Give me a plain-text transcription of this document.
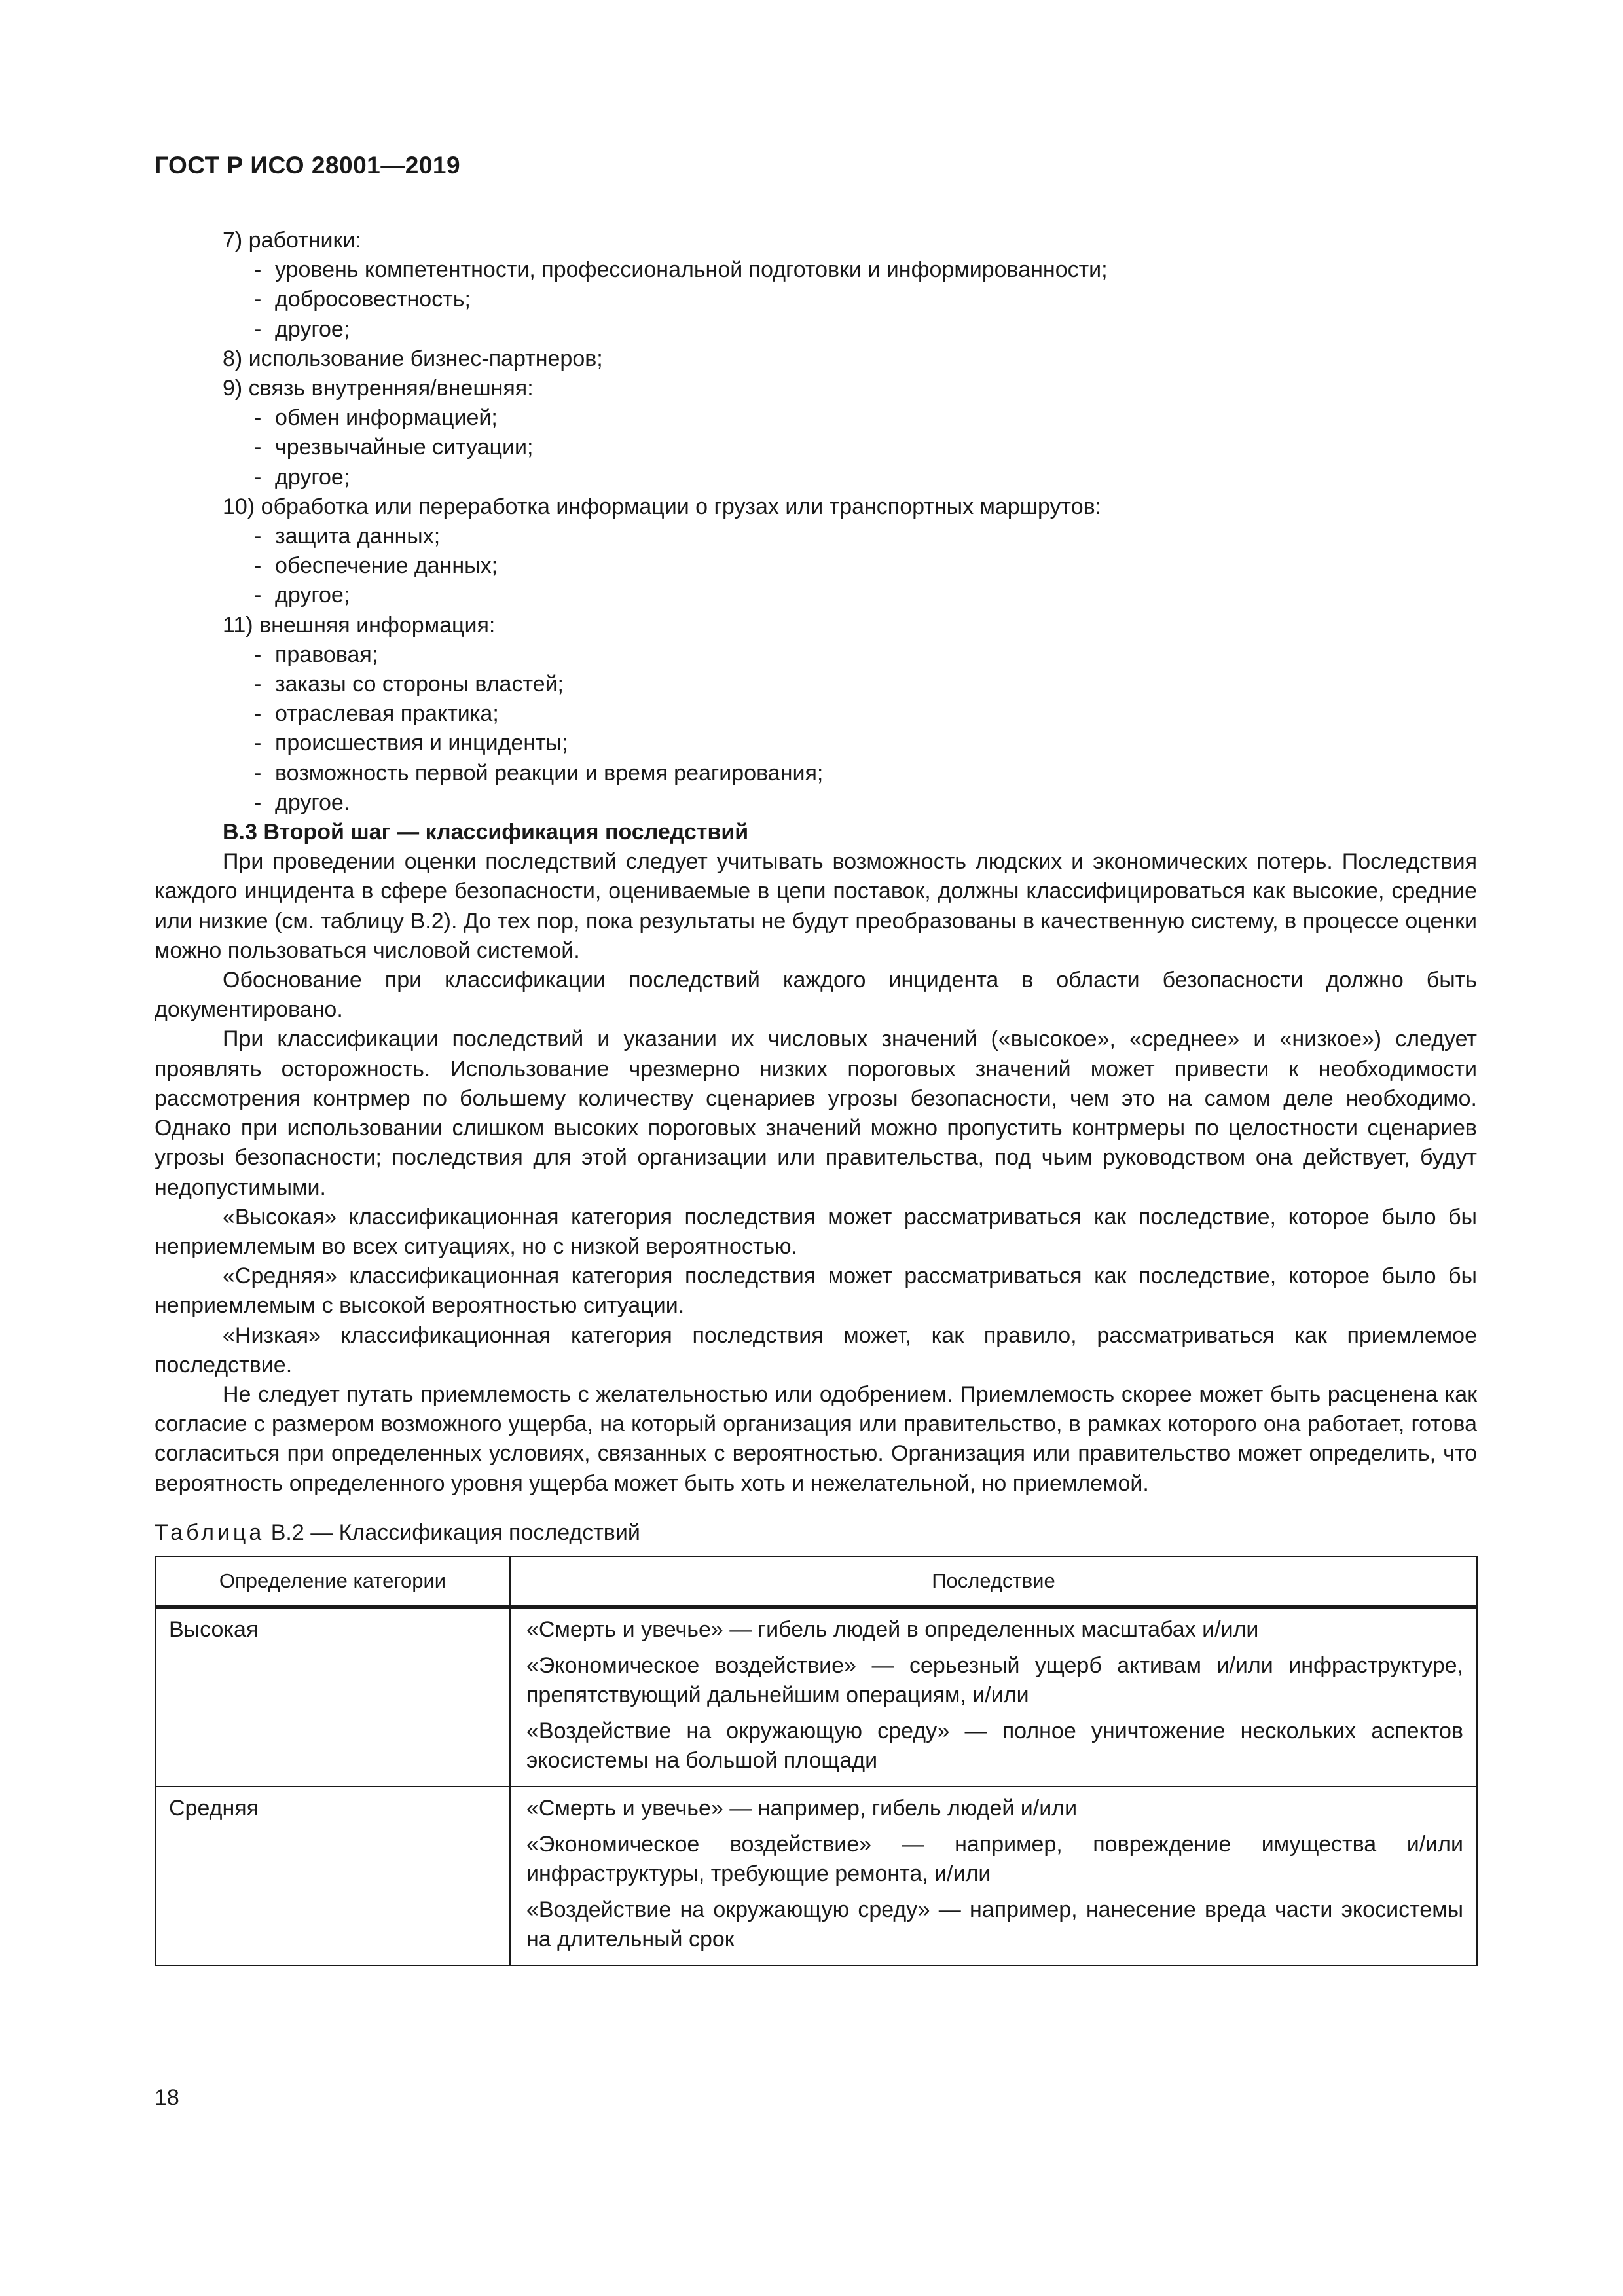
ГОСТ Р ИСО 28001—2019
7) работники:
- уровень компетентности, профессиональной подготовки и информированности;
- добросовестность;
- другое;
8) использование бизнес-партнеров;
9) связь внутренняя/внешняя:
- обмен информацией;
- чрезвычайные ситуации;
- другое;
10) обработка или переработка информации о грузах или транспортных маршрутов:
- защита данных;
- обеспечение данных;
- другое;
11) внешняя информация:
- правовая;
- заказы со стороны властей;
- отраслевая практика;
- происшествия и инциденты;
- возможность первой реакции и время реагирования;
- другое.
B.3 Второй шаг — классификация последствий

При проведении оценки последствий следует учитывать возможность людских и экономических потерь. Последствия каждого инцидента в сфере безопасности, оцениваемые в цепи поставок, должны классифицироваться как высокие, средние или низкие (см. таблицу В.2). До тех пор, пока результаты не будут преобразованы в качественную систему, в процессе оценки можно пользоваться числовой системой.

Обоснование при классификации последствий каждого инцидента в области безопасности должно быть документировано.

При классификации последствий и указании их числовых значений («высокое», «среднее» и «низкое») следует проявлять осторожность. Использование чрезмерно низких пороговых значений может привести к необходимости рассмотрения контрмер по большему количеству сценариев угрозы безопасности, чем это на самом деле необходимо. Однако при использовании слишком высоких пороговых значений можно пропустить контрмеры по целостности сценариев угрозы безопасности; последствия для этой организации или правительства, под чьим руководством она действует, будут недопустимыми.

«Высокая» классификационная категория последствия может рассматриваться как последствие, которое было бы неприемлемым во всех ситуациях, но с низкой вероятностью.

«Средняя» классификационная категория последствия может рассматриваться как последствие, которое было бы неприемлемым с высокой вероятностью ситуации.

«Низкая» классификационная категория последствия может, как правило, рассматриваться как приемлемое последствие.

Не следует путать приемлемость с желательностью или одобрением. Приемлемость скорее может быть расценена как согласие с размером возможного ущерба, на который организация или правительство, в рамках которого она работает, готова согласиться при определенных условиях, связанных с вероятностью. Организация или правительство может определить, что вероятность определенного уровня ущерба может быть хоть и нежелательной, но приемлемой.

Таблица В.2 — Классификация последствий
Определение категории	Последствие
Высокая	«Смерть и увечье» — гибель людей в определенных масштабах и/или
«Экономическое воздействие» — серьезный ущерб активам и/или инфраструктуре, препятствующий дальнейшим операциям, и/или
«Воздействие на окружающую среду» — полное уничтожение нескольких аспектов экосистемы на большой площади

Средняя	«Смерть и увечье» — например, гибель людей и/или
«Экономическое воздействие» — например, повреждение имущества и/или инфраструктуры, требующие ремонта, и/или
«Воздействие на окружающую среду» — например, нанесение вреда части экосистемы на длительный срок
18
